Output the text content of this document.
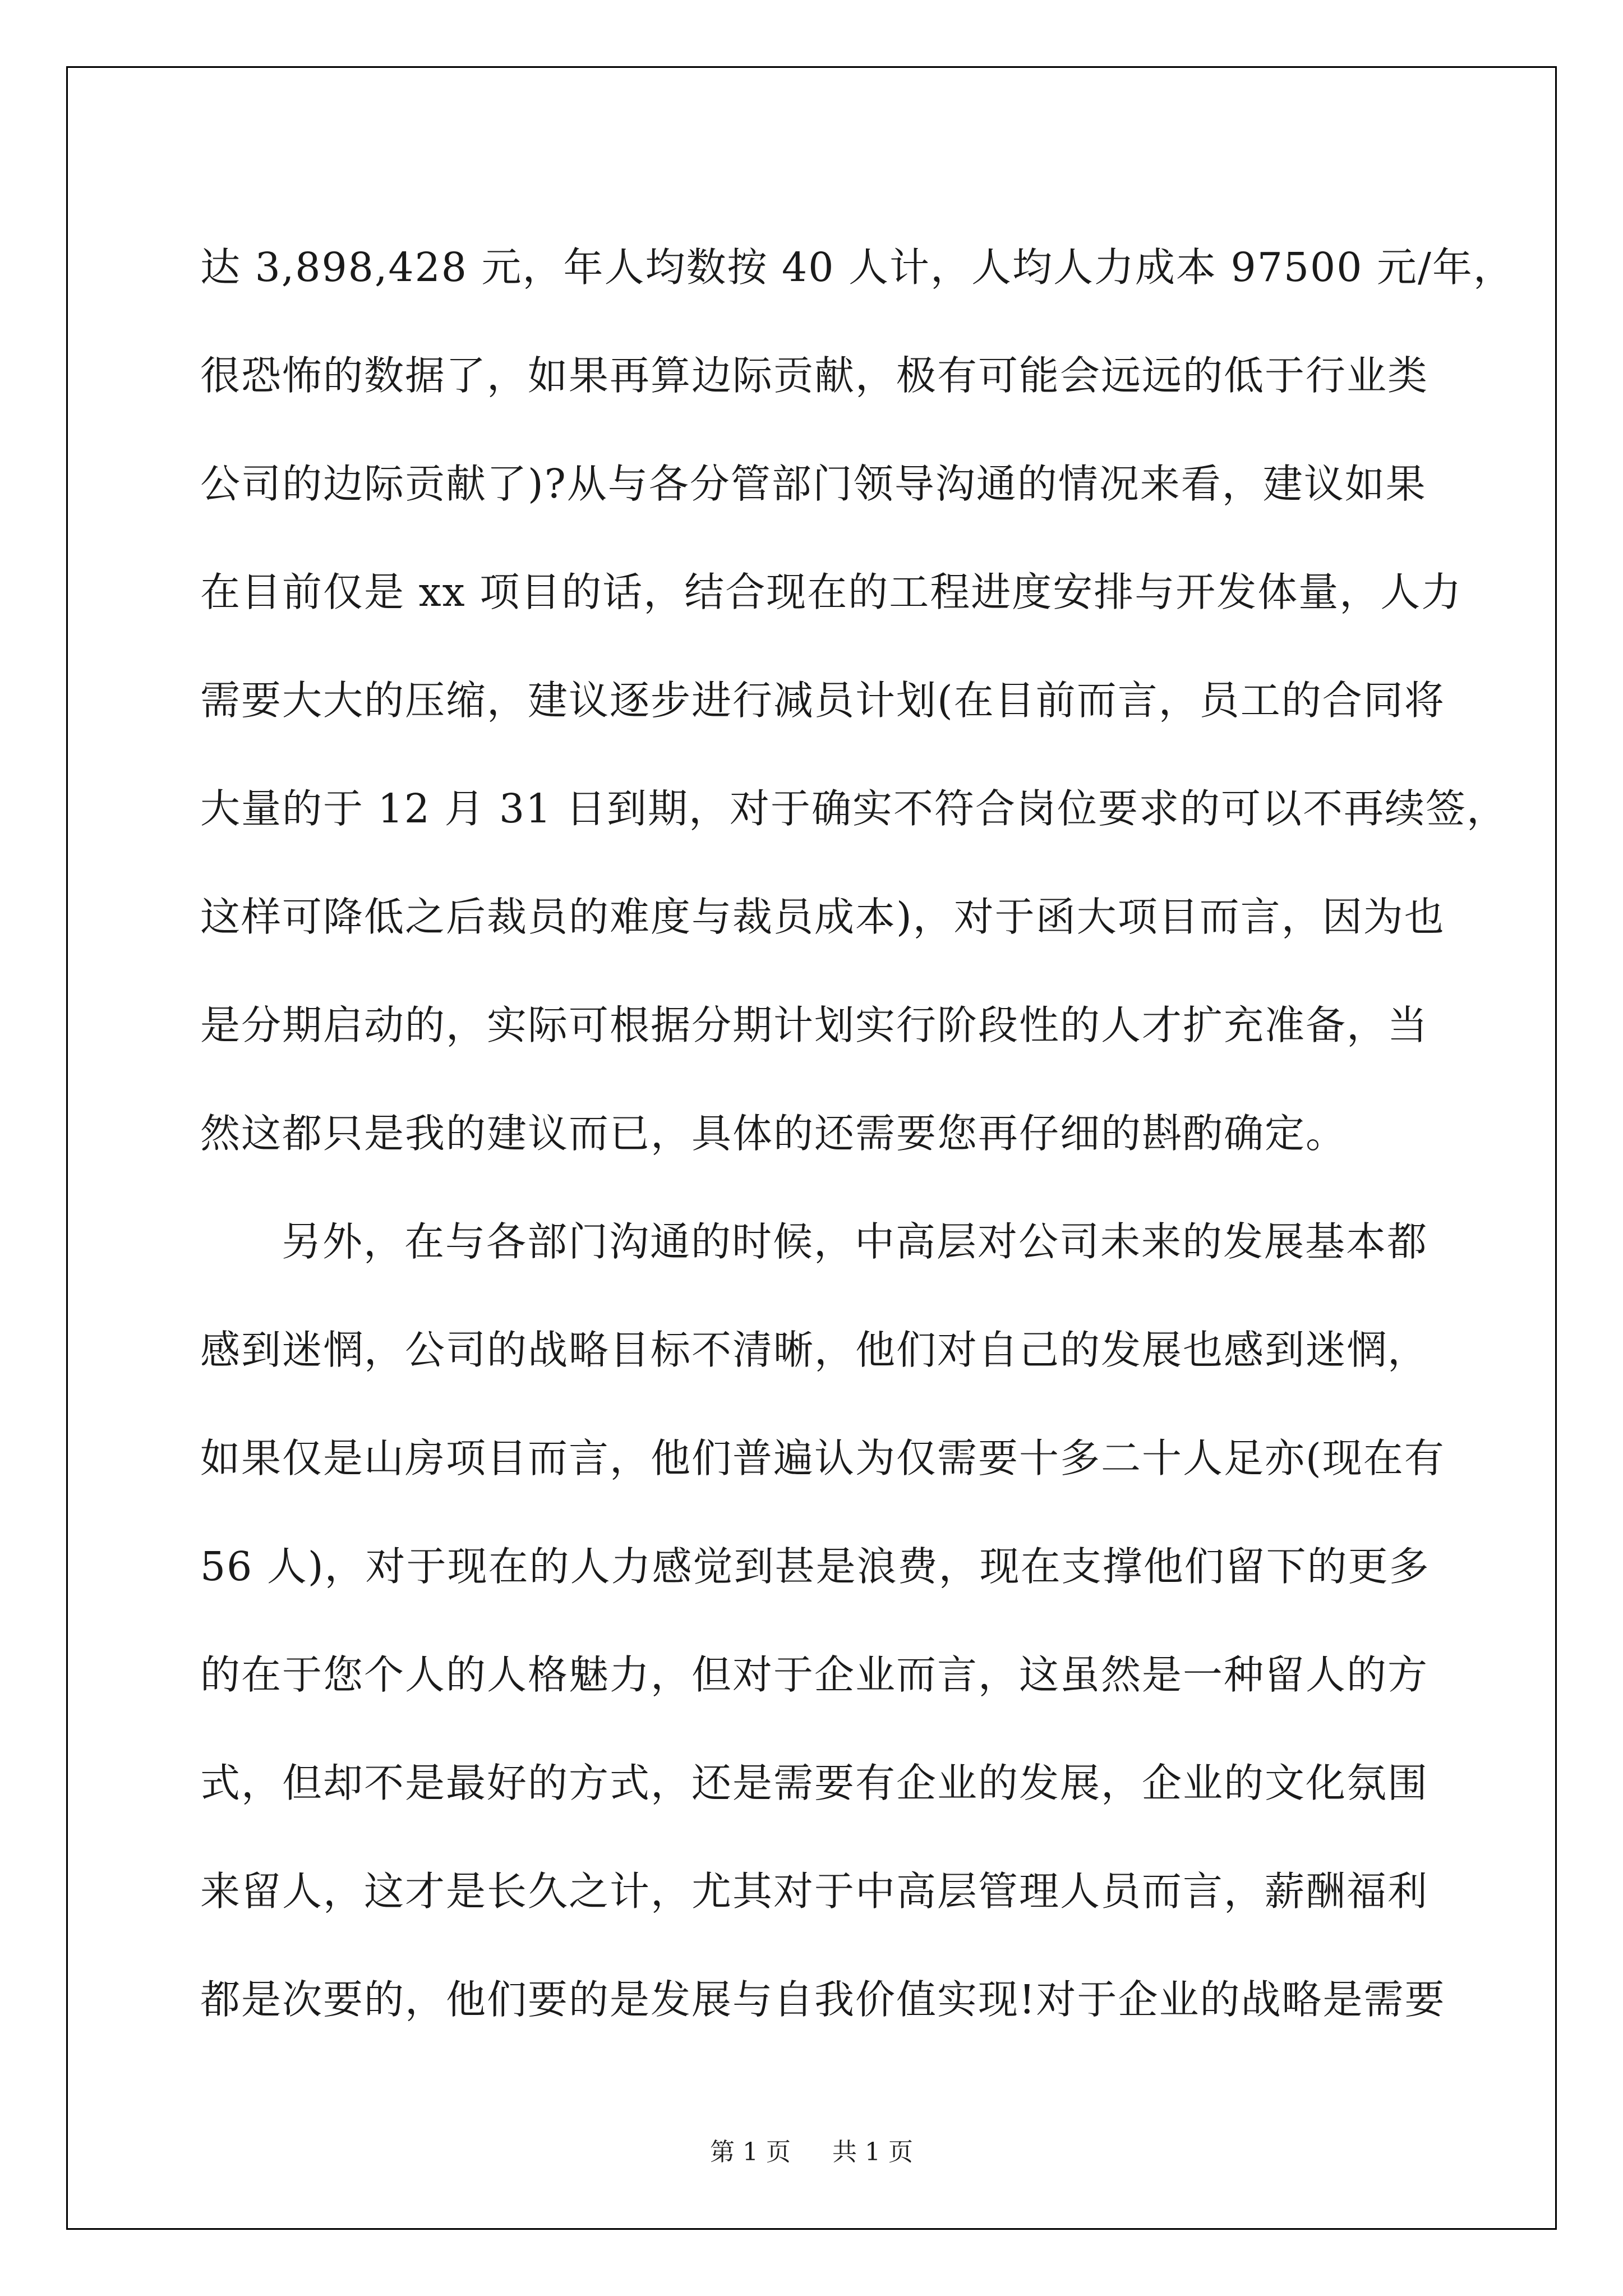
达 3,898,428 元，年人均数按 40 人计，人均人力成本 97500 元/年，
很恐怖的数据了，如果再算边际贡献，极有可能会远远的低于行业类
公司的边际贡献了)?从与各分管部门领导沟通的情况来看，建议如果
在目前仅是 xx 项目的话，结合现在的工程进度安排与开发体量，人力
需要大大的压缩，建议逐步进行减员计划(在目前而言，员工的合同将
大量的于 12 月 31 日到期，对于确实不符合岗位要求的可以不再续签，
这样可降低之后裁员的难度与裁员成本)，对于函大项目而言，因为也
是分期启动的，实际可根据分期计划实行阶段性的人才扩充准备，当
然这都只是我的建议而已，具体的还需要您再仔细的斟酌确定。
另外，在与各部门沟通的时候，中高层对公司未来的发展基本都
感到迷惘，公司的战略目标不清晰，他们对自己的发展也感到迷惘，
如果仅是山房项目而言，他们普遍认为仅需要十多二十人足亦(现在有
56 人)，对于现在的人力感觉到甚是浪费，现在支撑他们留下的更多
的在于您个人的人格魅力，但对于企业而言，这虽然是一种留人的方
式，但却不是最好的方式，还是需要有企业的发展，企业的文化氛围
来留人，这才是长久之计，尤其对于中高层管理人员而言，薪酬福利
都是次要的，他们要的是发展与自我价值实现!对于企业的战略是需要
第 1 页 共 1 页
